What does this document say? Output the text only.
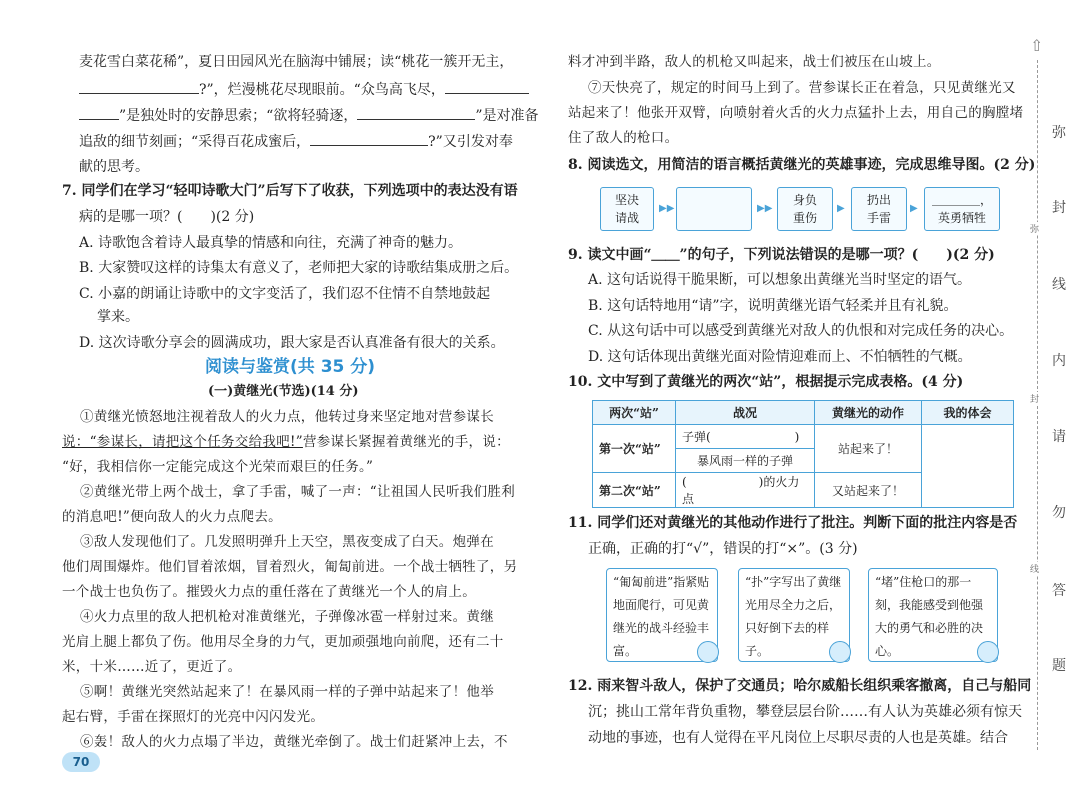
麦花雪白菜花稀”，夏日田园风光在脑海中铺展；读“桃花一簇开无主，
?”，烂漫桃花尽现眼前。“众鸟高飞尽，
”是独处时的安静思索；“欲将轻骑逐，	”是对准备
追敌的细节刻画；“采得百花成蜜后，	?”又引发对奉
献的思考。
7. 同学们在学习“轻叩诗歌大门”后写下了收获，下列选项中的表达没有语
病的是哪一项？(　　)(2 分)
A. 诗歌饱含着诗人最真挚的情感和向往，充满了神奇的魅力。
B. 大家赞叹这样的诗集太有意义了，老师把大家的诗歌结集成册之后。
C. 小嘉的朗诵让诗歌中的文字变活了，我们忍不住情不自禁地鼓起
掌来。
D. 这次诗歌分享会的圆满成功，跟大家是否认真准备有很大的关系。
阅读与鉴赏(共 35 分)
(一)黄继光(节选)(14 分)
①黄继光愤怒地注视着敌人的火力点，他转过身来坚定地对营参谋长
说：“参谋长，请把这个任务交给我吧!”营参谋长紧握着黄继光的手，说：
“好，我相信你一定能完成这个光荣而艰巨的任务。”
②黄继光带上两个战士，拿了手雷，喊了一声：“让祖国人民听我们胜利
的消息吧!”便向敌人的火力点爬去。
③敌人发现他们了。几发照明弹升上天空，黑夜变成了白天。炮弹在
他们周围爆炸。他们冒着浓烟，冒着烈火，匍匐前进。一个战士牺牲了，另
一个战士也负伤了。摧毁火力点的重任落在了黄继光一个人的肩上。
④火力点里的敌人把机枪对准黄继光，子弹像冰雹一样射过来。黄继
光肩上腿上都负了伤。他用尽全身的力气，更加顽强地向前爬，还有二十
米，十米……近了，更近了。
⑤啊！黄继光突然站起来了！在暴风雨一样的子弹中站起来了！他举
起右臂，手雷在探照灯的光亮中闪闪发光。
⑥轰！敌人的火力点塌了半边，黄继光牵倒了。战士们赶紧冲上去，不
70
料才冲到半路，敌人的机枪又叫起来，战士们被压在山坡上。
⑦天快亮了，规定的时间马上到了。营参谋长正在着急，只见黄继光又
站起来了！他张开双臂，向喷射着火舌的火力点猛扑上去，用自己的胸膛堵
住了敌人的枪口。
8. 阅读选文，用简洁的语言概括黄继光的英雄事迹，完成思维导图。(2 分)
坚决
请战
▶▶	▶▶
身负
重伤
▶
扔出
手雷
▶
＿＿＿＿，
英勇牺牲
9. 读文中画“＿＿”的句子，下列说法错误的是哪一项？(　　)(2 分)
A. 这句话说得干脆果断，可以想象出黄继光当时坚定的语气。
B. 这句话特地用“请”字，说明黄继光语气轻柔并且有礼貌。
C. 从这句话中可以感受到黄继光对敌人的仇恨和对完成任务的决心。
D. 这句话体现出黄继光面对险情迎难而上、不怕牺牲的气概。
10. 文中写到了黄继光的两次“站”，根据提示完成表格。(4 分)
两次“站”	战况	黄继光的动作	我的体会
第一次“站”	子弹(　　　　　　　)	站起来了！	
	暴风雨一样的子弹		
第二次“站”	(　　　　　　)的火力点	又站起来了！	
11. 同学们还对黄继光的其他动作进行了批注。判断下面的批注内容是否
正确，正确的打“√”，错误的打“×”。(3 分)
“匍匐前进”指紧贴地面爬行，可见黄继光的战斗经验丰富。
“扑”字写出了黄继光用尽全力之后，只好倒下去的样子。
“堵”住枪口的那一刻，我能感受到他强大的勇气和必胜的决心。
12. 雨来智斗敌人，保护了交通员；哈尔威船长组织乘客撤离，自己与船同
沉；挑山工常年背负重物，攀登层层台阶……有人认为英雄必须有惊天
动地的事迹，也有人觉得在平凡岗位上尽职尽责的人也是英雄。结合
⇧
弥
封
线
内
请
勿
答
题
弥
封
线
